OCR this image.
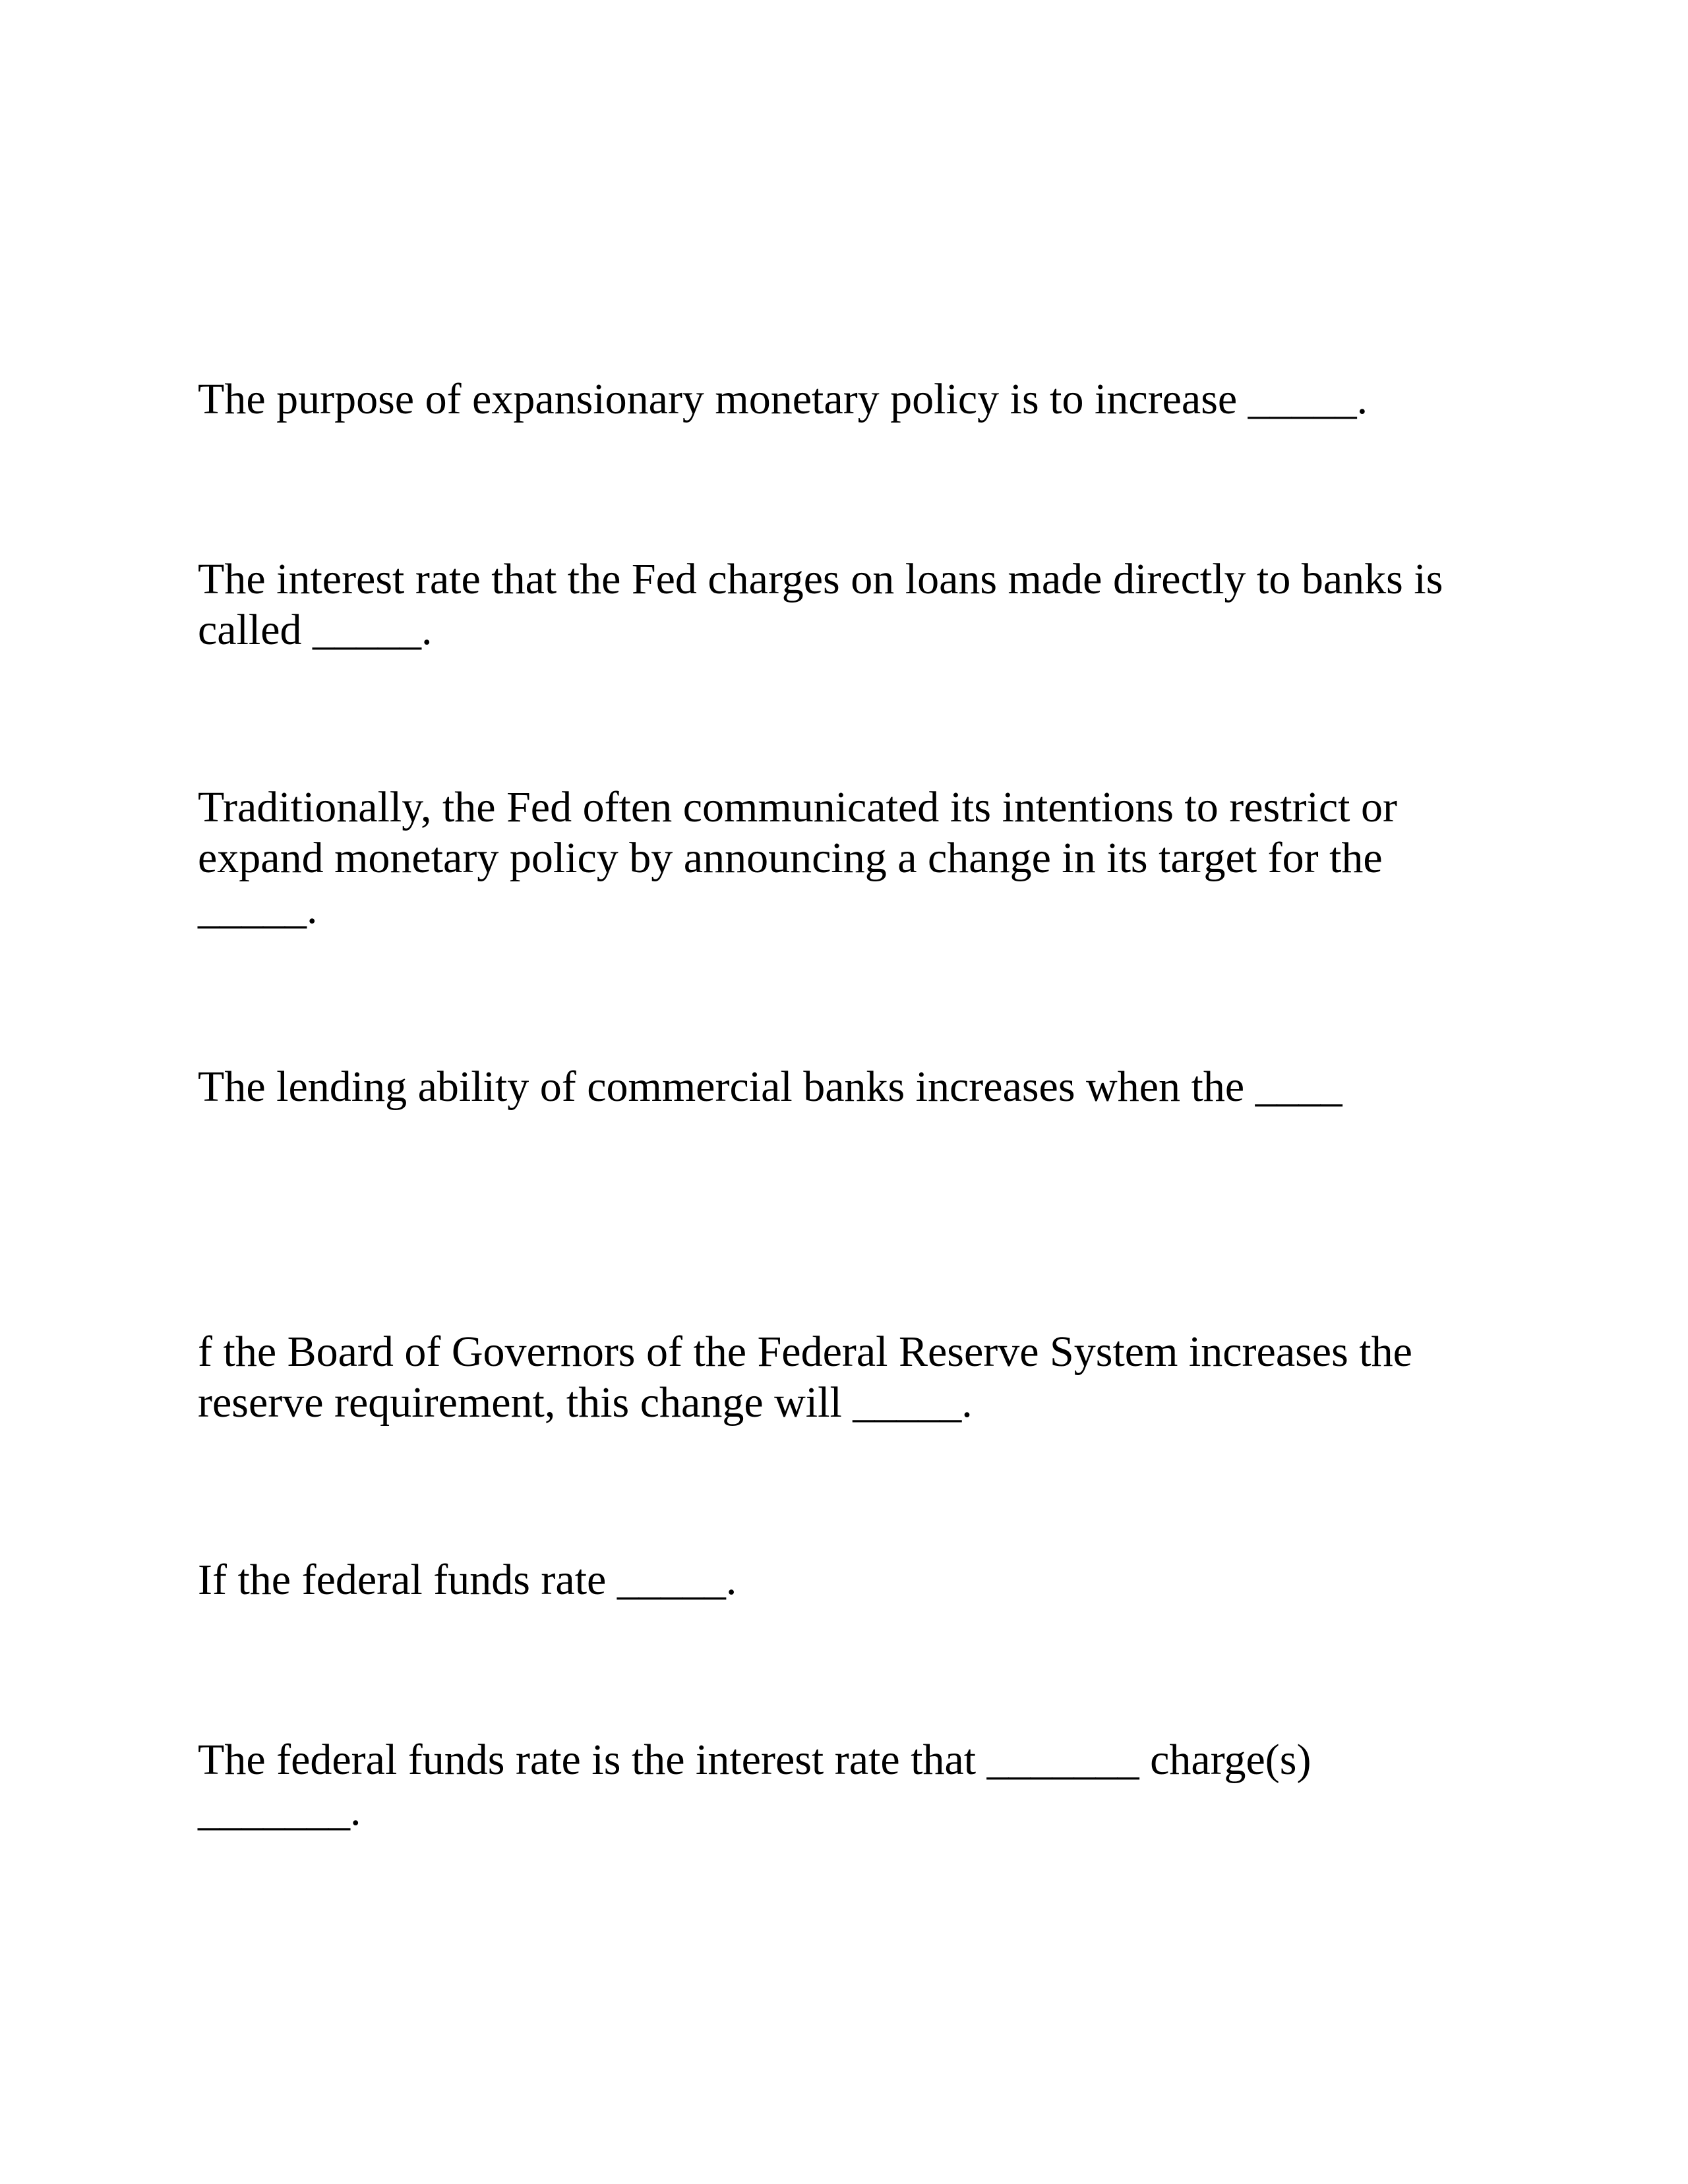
The purpose of expansionary monetary policy is to increase _____.

The interest rate that the Fed charges on loans made directly to banks is
called _____.

Traditionally, the Fed often communicated its intentions to restrict or
expand monetary policy by announcing a change in its target for the
_____.

The lending ability of commercial banks increases when the ____

f the Board of Governors of the Federal Reserve System increases the
reserve requirement, this change will _____.

If the federal funds rate _____.

The federal funds rate is the interest rate that _______ charge(s)
_______.
